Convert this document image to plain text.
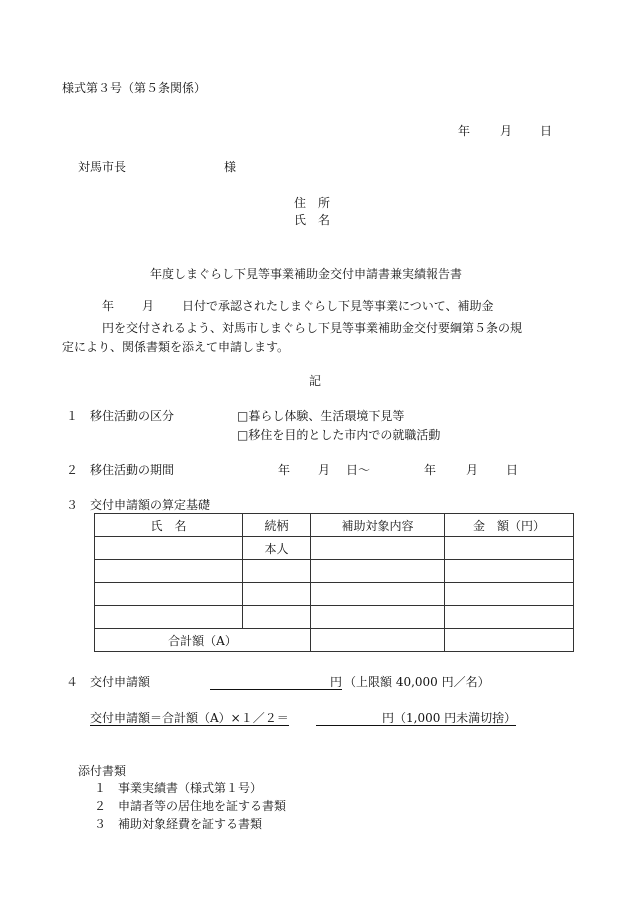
様式第３号（第５条関係）
年 月 日
対馬市長	様
住　所
氏　名
年度しまぐらし下見等事業補助金交付申請書兼実績報告書
年 月 日付で承認されたしまぐらし下見等事業について、補助金
円を交付されるよう、対馬市しまぐらし下見等事業補助金交付要綱第５条の規
定により、関係書類を添えて申請します。
記
１ 移住活動の区分	□暮らし体験、生活環境下見等
□移住を目的とした市内での就職活動
２ 移住活動の期間	年 月 日～	年 月 日
３ 交付申請額の算定基礎
氏　名	続柄	補助対象内容	金　額（円）
	本人		

合計額（A）			
４ 交付申請額	円 （上限額 40,000 円／名）
交付申請額＝合計額（A）×１／２＝	円（1,000 円未満切捨）
添付書類
１ 事業実績書（様式第１号）
２ 申請者等の居住地を証する書類
３ 補助対象経費を証する書類
